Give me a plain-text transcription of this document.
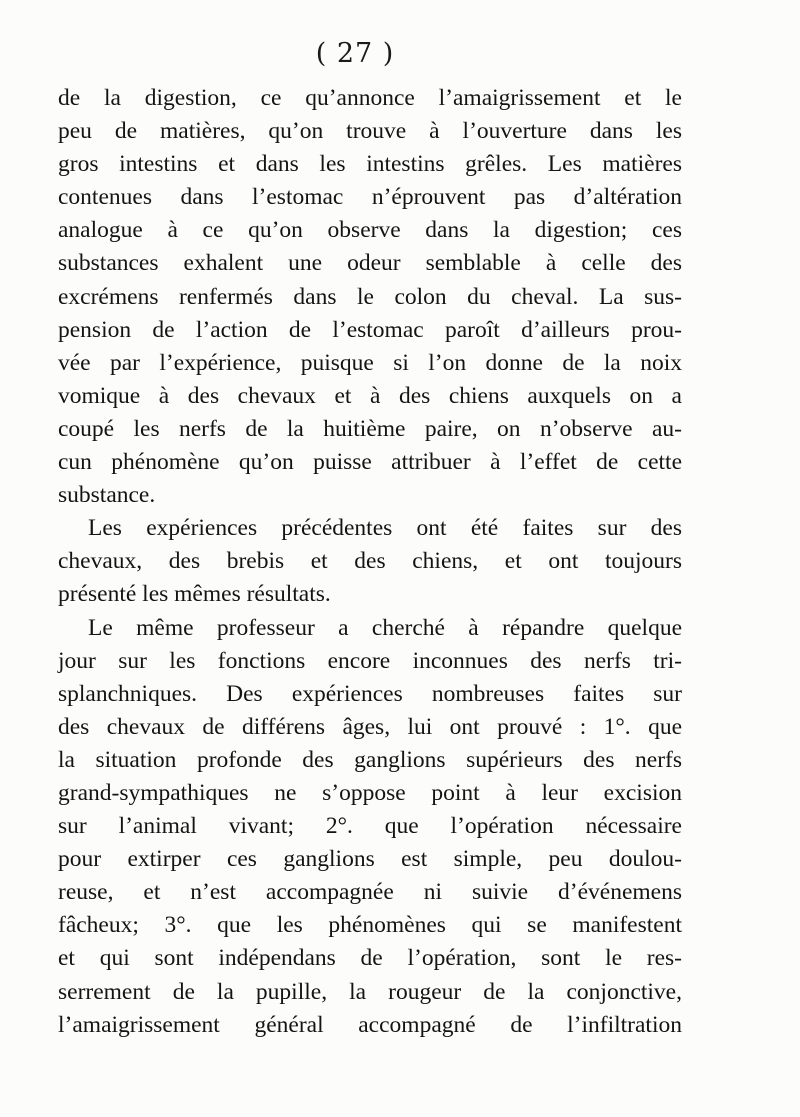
( 27 )
de la digestion, ce qu’annonce l’amaigrissement et le
peu de matières, qu’on trouve à l’ouverture dans les
gros intestins et dans les intestins grêles. Les matières
contenues dans l’estomac n’éprouvent pas d’altération
analogue à ce qu’on observe dans la digestion; ces
substances exhalent une odeur semblable à celle des
excrémens renfermés dans le colon du cheval. La sus-
pension de l’action de l’estomac paroît d’ailleurs prou-
vée par l’expérience, puisque si l’on donne de la noix
vomique à des chevaux et à des chiens auxquels on a
coupé les nerfs de la huitième paire, on n’observe au-
cun phénomène qu’on puisse attribuer à l’effet de cette
substance.
Les expériences précédentes ont été faites sur des
chevaux, des brebis et des chiens, et ont toujours
présenté les mêmes résultats.
Le même professeur a cherché à répandre quelque
jour sur les fonctions encore inconnues des nerfs tri-
splanchniques. Des expériences nombreuses faites sur
des chevaux de différens âges, lui ont prouvé : 1°. que
la situation profonde des ganglions supérieurs des nerfs
grand-sympathiques ne s’oppose point à leur excision
sur l’animal vivant; 2°. que l’opération nécessaire
pour extirper ces ganglions est simple, peu doulou-
reuse, et n’est accompagnée ni suivie d’événemens
fâcheux; 3°. que les phénomènes qui se manifestent
et qui sont indépendans de l’opération, sont le res-
serrement de la pupille, la rougeur de la conjonctive,
l’amaigrissement général accompagné de l’infiltration
